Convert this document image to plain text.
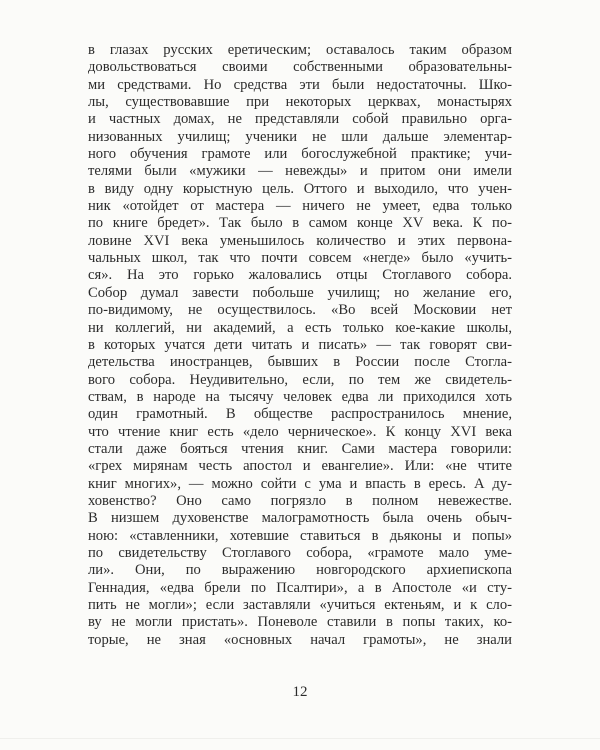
в глазах русских еретическим; оставалось таким образом
довольствоваться своими собственными образовательны-
ми средствами. Но средства эти были недостаточны. Шко-
лы, существовавшие при некоторых церквах, монастырях
и частных домах, не представляли собой правильно орга-
низованных училищ; ученики не шли дальше элементар-
ного обучения грамоте или богослужебной практике; учи-
телями были «мужики — невежды» и притом они имели
в виду одну корыстную цель. Оттого и выходило, что учен-
ник «отойдет от мастера — ничего не умеет, едва только
по книге бредет». Так было в самом конце XV века. К по-
ловине XVI века уменьшилось количество и этих первона-
чальных школ, так что почти совсем «негде» было «учить-
ся». На это горько жаловались отцы Стоглавого собора.
Собор думал завести побольше училищ; но желание его,
по-видимому, не осуществилось. «Во всей Московии нет
ни коллегий, ни академий, а есть только кое-какие школы,
в которых учатся дети читать и писать» — так говорят сви-
детельства иностранцев, бывших в России после Стогла-
вого собора. Неудивительно, если, по тем же свидетель-
ствам, в народе на тысячу человек едва ли приходился хоть
один грамотный. В обществе распространилось мнение,
что чтение книг есть «дело черническое». К концу XVI века
стали даже бояться чтения книг. Сами мастера говорили:
«грех мирянам честь апостол и евангелие». Или: «не чтите
книг многих», — можно сойти с ума и впасть в ересь. А ду-
ховенство? Оно само погрязло в полном невежестве.
В низшем духовенстве малограмотность была очень обыч-
ною: «ставленники, хотевшие ставиться в дьяконы и попы»
по свидетельству Стоглавого собора, «грамоте мало уме-
ли». Они, по выражению новгородского архиепископа
Геннадия, «едва брели по Псалтири», а в Апостоле «и сту-
пить не могли»; если заставляли «учиться ектеньям, и к сло-
ву не могли пристать». Поневоле ставили в попы таких, ко-
торые, не зная «основных начал грамоты», не знали
12
